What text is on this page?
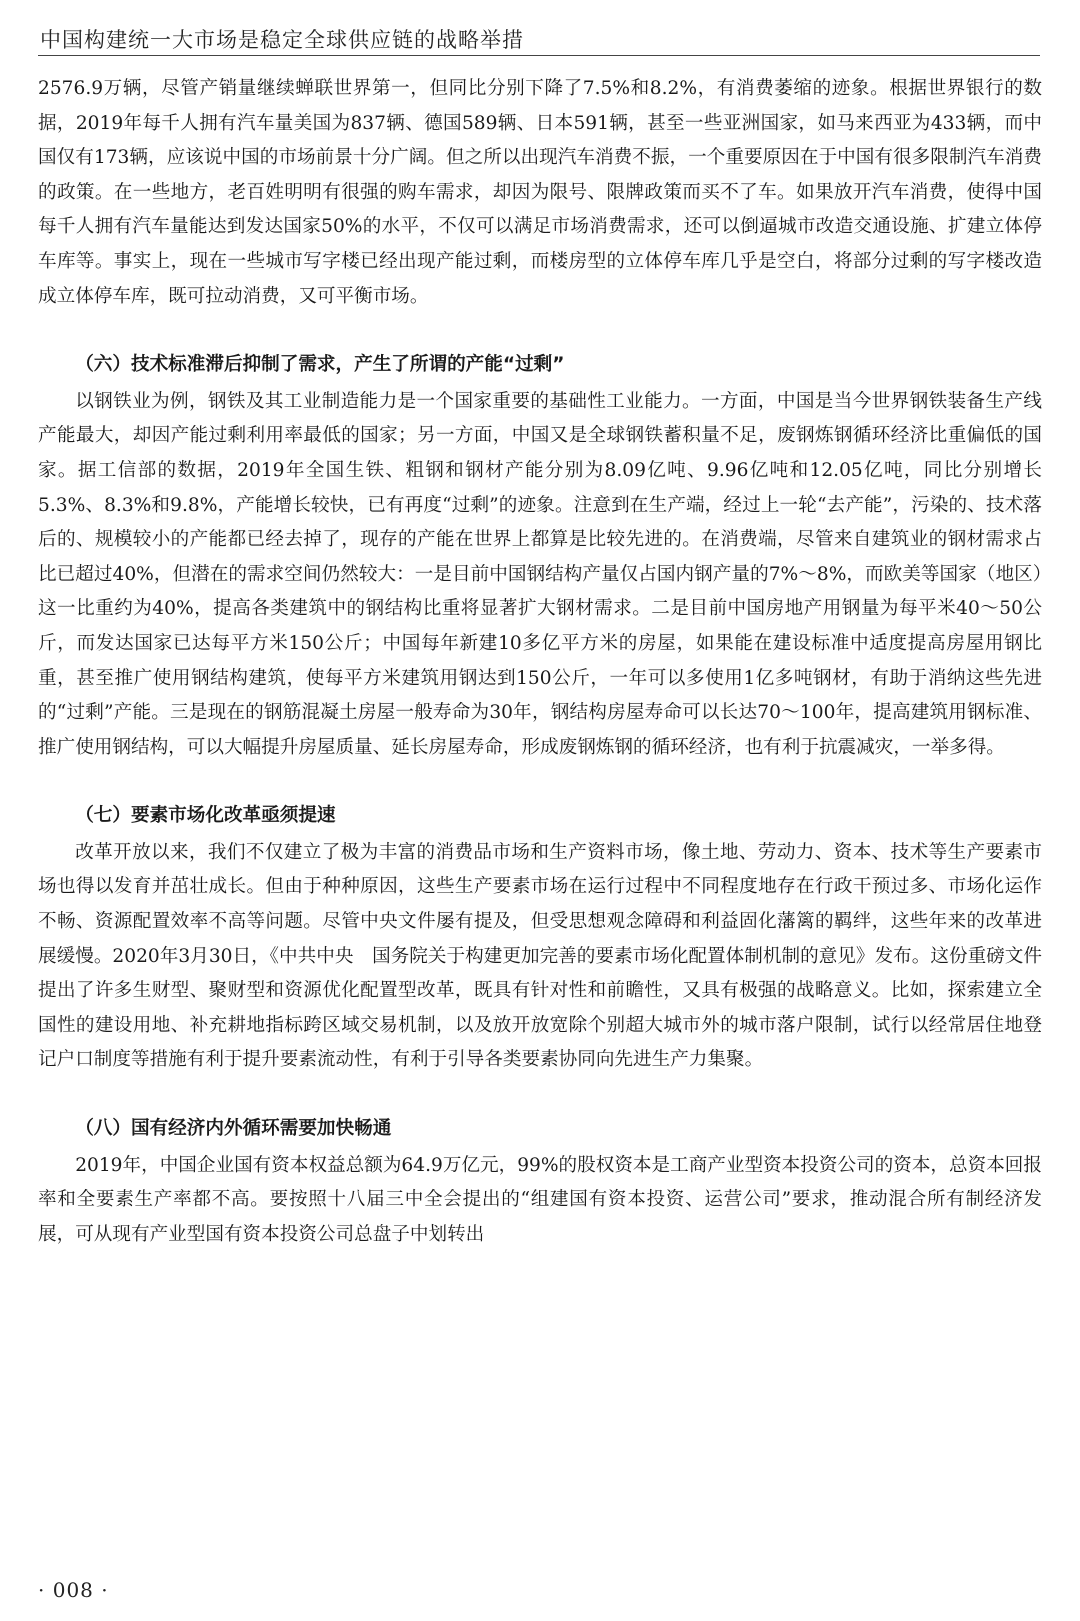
中国构建统一大市场是稳定全球供应链的战略举措

2576.9万辆，尽管产销量继续蝉联世界第一，但同比分别下降了7.5%和8.2%，有消费萎缩的迹象。根据世界银行的数据，2019年每千人拥有汽车量美国为837辆、德国589辆、日本591辆，甚至一些亚洲国家，如马来西亚为433辆，而中国仅有173辆，应该说中国的市场前景十分广阔。但之所以出现汽车消费不振，一个重要原因在于中国有很多限制汽车消费的政策。在一些地方，老百姓明明有很强的购车需求，却因为限号、限牌政策而买不了车。如果放开汽车消费，使得中国每千人拥有汽车量能达到发达国家50%的水平，不仅可以满足市场消费需求，还可以倒逼城市改造交通设施、扩建立体停车库等。事实上，现在一些城市写字楼已经出现产能过剩，而楼房型的立体停车库几乎是空白，将部分过剩的写字楼改造成立体停车库，既可拉动消费，又可平衡市场。

（六）技术标准滞后抑制了需求，产生了所谓的产能“过剩”

以钢铁业为例，钢铁及其工业制造能力是一个国家重要的基础性工业能力。一方面，中国是当今世界钢铁装备生产线产能最大，却因产能过剩利用率最低的国家；另一方面，中国又是全球钢铁蓄积量不足，废钢炼钢循环经济比重偏低的国家。据工信部的数据，2019年全国生铁、粗钢和钢材产能分别为8.09亿吨、9.96亿吨和12.05亿吨，同比分别增长5.3%、8.3%和9.8%，产能增长较快，已有再度“过剩”的迹象。注意到在生产端，经过上一轮“去产能”，污染的、技术落后的、规模较小的产能都已经去掉了，现存的产能在世界上都算是比较先进的。在消费端，尽管来自建筑业的钢材需求占比已超过40%，但潜在的需求空间仍然较大：一是目前中国钢结构产量仅占国内钢产量的7%～8%，而欧美等国家（地区）这一比重约为40%，提高各类建筑中的钢结构比重将显著扩大钢材需求。二是目前中国房地产用钢量为每平米40～50公斤，而发达国家已达每平方米150公斤；中国每年新建10多亿平方米的房屋，如果能在建设标准中适度提高房屋用钢比重，甚至推广使用钢结构建筑，使每平方米建筑用钢达到150公斤，一年可以多使用1亿多吨钢材，有助于消纳这些先进的“过剩”产能。三是现在的钢筋混凝土房屋一般寿命为30年，钢结构房屋寿命可以长达70～100年，提高建筑用钢标准、推广使用钢结构，可以大幅提升房屋质量、延长房屋寿命，形成废钢炼钢的循环经济，也有利于抗震减灾，一举多得。

（七）要素市场化改革亟须提速

改革开放以来，我们不仅建立了极为丰富的消费品市场和生产资料市场，像土地、劳动力、资本、技术等生产要素市场也得以发育并茁壮成长。但由于种种原因，这些生产要素市场在运行过程中不同程度地存在行政干预过多、市场化运作不畅、资源配置效率不高等问题。尽管中央文件屡有提及，但受思想观念障碍和利益固化藩篱的羁绊，这些年来的改革进展缓慢。2020年3月30日，《中共中央　国务院关于构建更加完善的要素市场化配置体制机制的意见》发布。这份重磅文件提出了许多生财型、聚财型和资源优化配置型改革，既具有针对性和前瞻性，又具有极强的战略意义。比如，探索建立全国性的建设用地、补充耕地指标跨区域交易机制，以及放开放宽除个别超大城市外的城市落户限制，试行以经常居住地登记户口制度等措施有利于提升要素流动性，有利于引导各类要素协同向先进生产力集聚。

（八）国有经济内外循环需要加快畅通

2019年，中国企业国有资本权益总额为64.9万亿元，99%的股权资本是工商产业型资本投资公司的资本，总资本回报率和全要素生产率都不高。要按照十八届三中全会提出的“组建国有资本投资、运营公司”要求，推动混合所有制经济发展，可从现有产业型国有资本投资公司总盘子中划转出

· 008 ·
